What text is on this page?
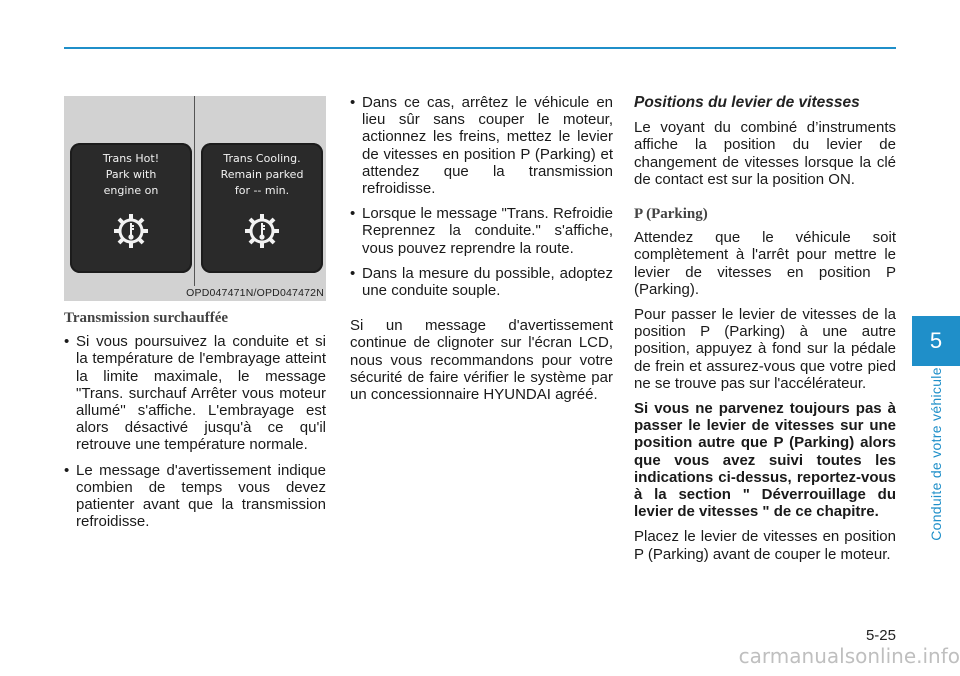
Trans Hot!
Park with
engine on
Trans Cooling.
Remain parked
for -- min.
OPD047471N/OPD047472N
Transmission surchauffée
• Si vous poursuivez la conduite et si la température de l'embrayage atteint la limite maximale, le message "Trans. surchauf Arrêter vous moteur allumé'' s'affiche. L'embrayage est alors désactivé jusqu'à ce qu'il retrouve une température normale.
• Le message d'avertissement indique combien de temps vous devez patienter avant que la transmission refroidisse.
• Dans ce cas, arrêtez le véhicule en lieu sûr sans couper le moteur, actionnez les freins, mettez le levier de vitesses en position P (Parking) et attendez que la transmission refroidisse.
• Lorsque le message "Trans. Refroidie Reprennez la conduite." s'affiche, vous pouvez reprendre la route.
• Dans la mesure du possible, adoptez une conduite souple.

Si un message d'avertissement continue de clignoter sur l'écran LCD, nous vous recommandons pour votre sécurité de faire vérifier le système par un concessionnaire HYUNDAI agréé.

Positions du levier de vitesses

Le voyant du combiné d’instruments affiche la position du levier de changement de vitesses lorsque la clé de contact est sur la position ON.

P (Parking)

Attendez que le véhicule soit complètement à l'arrêt pour mettre le levier de vitesses en position P (Parking).

Pour passer le levier de vitesses de la position P (Parking) à une autre position, appuyez à fond sur la pédale de frein et assurez-vous que votre pied ne se trouve pas sur l'accélérateur.

Si vous ne parvenez toujours pas à passer le levier de vitesses sur une position autre que P (Parking) alors que vous avez suivi toutes les indications ci-dessus, reportez-vous à la section " Déverrouillage du levier de vitesses " de ce chapitre.

Placez le levier de vitesses en position P (Parking) avant de couper le moteur.

5
Conduite de votre véhicule
5-25
carmanualsonline.info
